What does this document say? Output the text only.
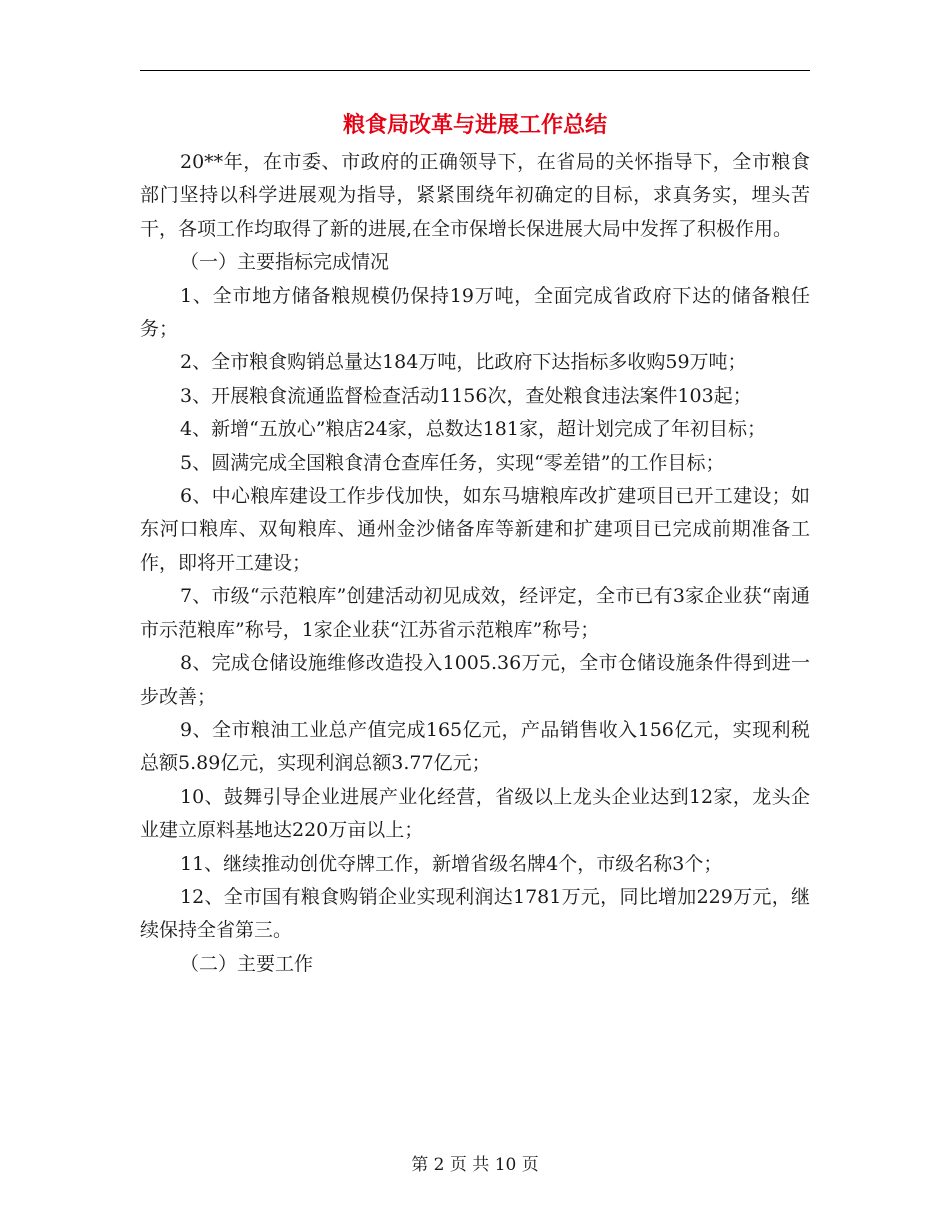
粮食局改革与进展工作总结

20**年，在市委、市政府的正确领导下，在省局的关怀指导下，全市粮食部门坚持以科学进展观为指导，紧紧围绕年初确定的目标，求真务实，埋头苦干，各项工作均取得了新的进展,在全市保增长保进展大局中发挥了积极作用。

（一）主要指标完成情况

1、全市地方储备粮规模仍保持19万吨，全面完成省政府下达的储备粮任务；

2、全市粮食购销总量达184万吨，比政府下达指标多收购59万吨；

3、开展粮食流通监督检查活动1156次，查处粮食违法案件103起；

4、新增“五放心”粮店24家，总数达181家，超计划完成了年初目标；

5、圆满完成全国粮食清仓查库任务，实现“零差错”的工作目标；

6、中心粮库建设工作步伐加快，如东马塘粮库改扩建项目已开工建设；如东河口粮库、双甸粮库、通州金沙储备库等新建和扩建项目已完成前期准备工作，即将开工建设；

7、市级“示范粮库”创建活动初见成效，经评定，全市已有3家企业获“南通市示范粮库”称号，1家企业获“江苏省示范粮库”称号；

8、完成仓储设施维修改造投入1005.36万元，全市仓储设施条件得到进一步改善；

9、全市粮油工业总产值完成165亿元，产品销售收入156亿元，实现利税总额5.89亿元，实现利润总额3.77亿元；

10、鼓舞引导企业进展产业化经营，省级以上龙头企业达到12家，龙头企业建立原料基地达220万亩以上；

11、继续推动创优夺牌工作，新增省级名牌4个，市级名称3个；

12、全市国有粮食购销企业实现利润达1781万元，同比增加229万元，继续保持全省第三。

（二）主要工作

第 2 页 共 10 页
